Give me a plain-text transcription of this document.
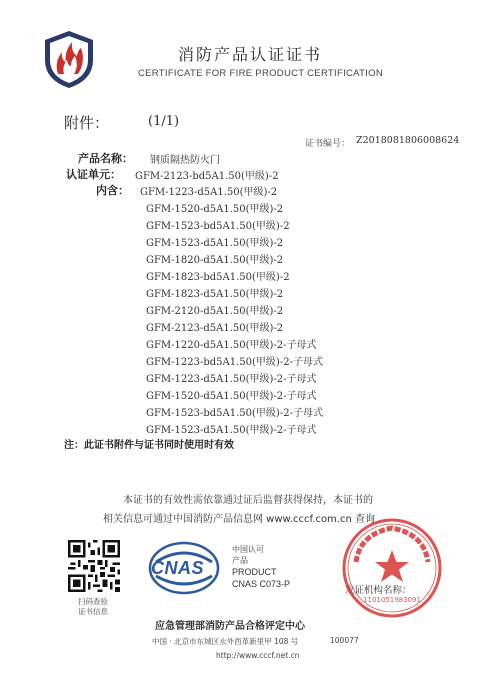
消防产品认证证书
CERTIFICATE FOR FIRE PRODUCT CERTIFICATION
附件：	(1/1)
证书编号： Z2018081806008624
产品名称： 钢质隔热防火门
认证单元： GFM-2123-bd5A1.50(甲级)-2
内含： GFM-1223-d5A1.50(甲级)-2
GFM-1520-d5A1.50(甲级)-2
GFM-1523-bd5A1.50(甲级)-2
GFM-1523-d5A1.50(甲级)-2
GFM-1820-d5A1.50(甲级)-2
GFM-1823-bd5A1.50(甲级)-2
GFM-1823-d5A1.50(甲级)-2
GFM-2120-d5A1.50(甲级)-2
GFM-2123-d5A1.50(甲级)-2
GFM-1220-d5A1.50(甲级)-2-子母式
GFM-1223-bd5A1.50(甲级)-2-子母式
GFM-1223-d5A1.50(甲级)-2-子母式
GFM-1520-d5A1.50(甲级)-2-子母式
GFM-1523-bd5A1.50(甲级)-2-子母式
GFM-1523-d5A1.50(甲级)-2-子母式
注：此证书附件与证书同时使用时有效
本证书的有效性需依靠通过证后监督获得保持，本证书的
相关信息可通过中国消防产品信息网 www.cccf.com.cn 查询
扫码查验
证书信息
CNAS
中国认可
产品
PRODUCT
CNAS C073-P
发证机构名称：
1101051983091
应急管理部消防产品合格评定中心
中国 · 北京市东城区永外西革新里甲 108 号	100077
http://www.cccf.net.cn
